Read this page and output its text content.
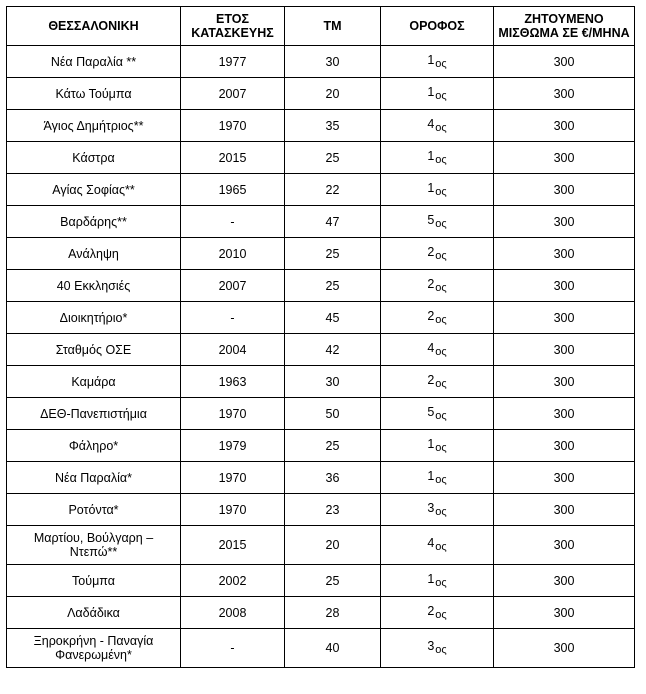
ΘΕΣΣΑΛΟΝΙΚΗ	ΕΤΟΣ ΚΑΤΑΣΚΕΥΗΣ	ΤΜ	ΟΡΟΦΟΣ	ΖΗΤΟΥΜΕΝΟ ΜΙΣΘΩΜΑ ΣΕ €/ΜΗΝΑ
Νέα Παραλία **	1977	30	1ος	300
Κάτω Τούμπα	2007	20	1ος	300
Άγιος Δημήτριος**	1970	35	4ος	300
Κάστρα	2015	25	1ος	300
Αγίας Σοφίας**	1965	22	1ος	300
Βαρδάρης**	-	47	5ος	300
Ανάληψη	2010	25	2ος	300
40 Εκκλησιές	2007	25	2ος	300
Διοικητήριο*	-	45	2ος	300
Σταθμός ΟΣΕ	2004	42	4ος	300
Καμάρα	1963	30	2ος	300
ΔΕΘ-Πανεπιστήμια	1970	50	5ος	300
Φάληρο*	1979	25	1ος	300
Νέα Παραλία*	1970	36	1ος	300
Ροτόντα*	1970	23	3ος	300
Μαρτίου, Βούλγαρη – Ντεπώ**	2015	20	4ος	300
Τούμπα	2002	25	1ος	300
Λαδάδικα	2008	28	2ος	300
Ξηροκρήνη - Παναγία Φανερωμένη*	-	40	3ος	300
